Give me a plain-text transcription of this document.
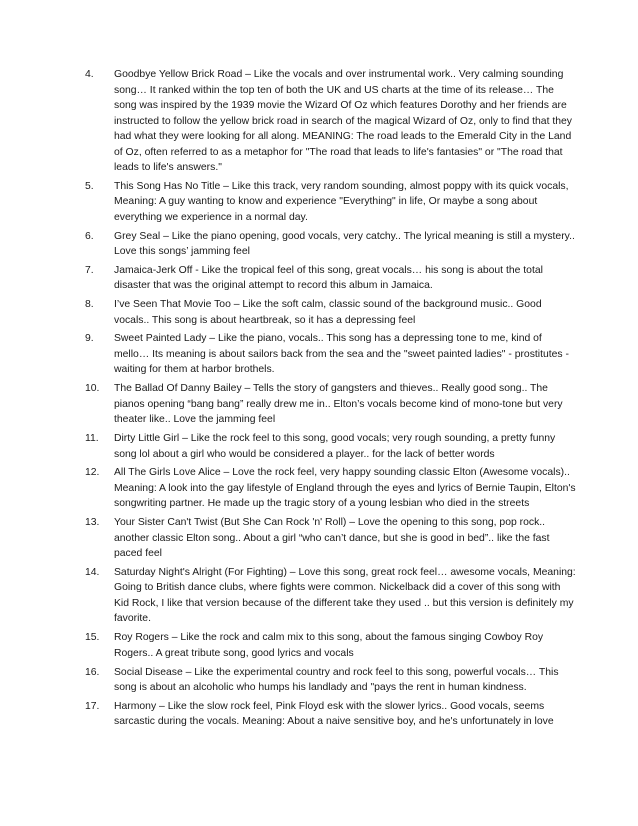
4.	Goodbye Yellow Brick Road – Like the vocals and over instrumental work.. Very calming sounding song… It ranked within the top ten of both the UK and US charts at the time of its release… The song was inspired by the 1939 movie the Wizard Of Oz which features Dorothy and her friends are instructed to follow the yellow brick road in search of the magical Wizard of Oz, only to find that they had what they were looking for all along. MEANING: The road leads to the Emerald City in the Land of Oz, often referred to as a metaphor for "The road that leads to life's fantasies" or "The road that leads to life's answers."
5.	This Song Has No Title – Like this track, very random sounding, almost poppy with its quick vocals, Meaning: A guy wanting to know and experience "Everything" in life, Or maybe a song about everything we experience in a normal day.
6.	Grey Seal – Like the piano opening, good vocals, very catchy.. The lyrical meaning is still a mystery.. Love this songs’ jamming feel
7.	Jamaica-Jerk Off - Like the tropical feel of this song, great vocals… his song is about the total disaster that was the original attempt to record this album in Jamaica.
8.	I’ve Seen That Movie Too – Like the soft calm, classic sound of the background music.. Good vocals.. This song is about heartbreak, so it has a depressing feel
9.	Sweet Painted Lady – Like the piano, vocals.. This song has a depressing tone to me, kind of mello… Its meaning is about sailors back from the sea and the "sweet painted ladies" - prostitutes - waiting for them at harbor brothels.
10.	The Ballad Of Danny Bailey – Tells the story of gangsters and thieves.. Really good song.. The pianos opening “bang bang” really drew me in.. Elton’s vocals become kind of mono-tone but very theater like.. Love the jamming feel
11.	Dirty Little Girl – Like the rock feel to this song, good vocals; very rough sounding, a pretty funny song lol about a girl who would be considered a player.. for the lack of better words
12.	All The Girls Love Alice – Love the rock feel, very happy sounding classic Elton (Awesome vocals).. Meaning: A look into the gay lifestyle of England through the eyes and lyrics of Bernie Taupin, Elton's songwriting partner. He made up the tragic story of a young lesbian who died in the streets
13.	Your Sister Can't Twist (But She Can Rock 'n' Roll) – Love the opening to this song, pop rock.. another classic Elton song.. About a girl “who can’t dance, but she is good in bed”.. like the fast paced feel
14.	Saturday Night's Alright (For Fighting) – Love this song, great rock feel… awesome vocals, Meaning: Going to British dance clubs, where fights were common. Nickelback did a cover of this song with Kid Rock, I like that version because of the different take they used .. but this version is definitely my favorite.
15.	Roy Rogers – Like the rock and calm mix to this song, about the famous singing Cowboy Roy Rogers.. A great tribute song, good lyrics and vocals
16.	Social Disease – Like the experimental country and rock feel to this song, powerful vocals… This song is about an alcoholic who humps his landlady and "pays the rent in human kindness.
17.	Harmony – Like the slow rock feel, Pink Floyd esk with the slower lyrics.. Good vocals, seems sarcastic during the vocals. Meaning: About a naive sensitive boy, and he's unfortunately in love
